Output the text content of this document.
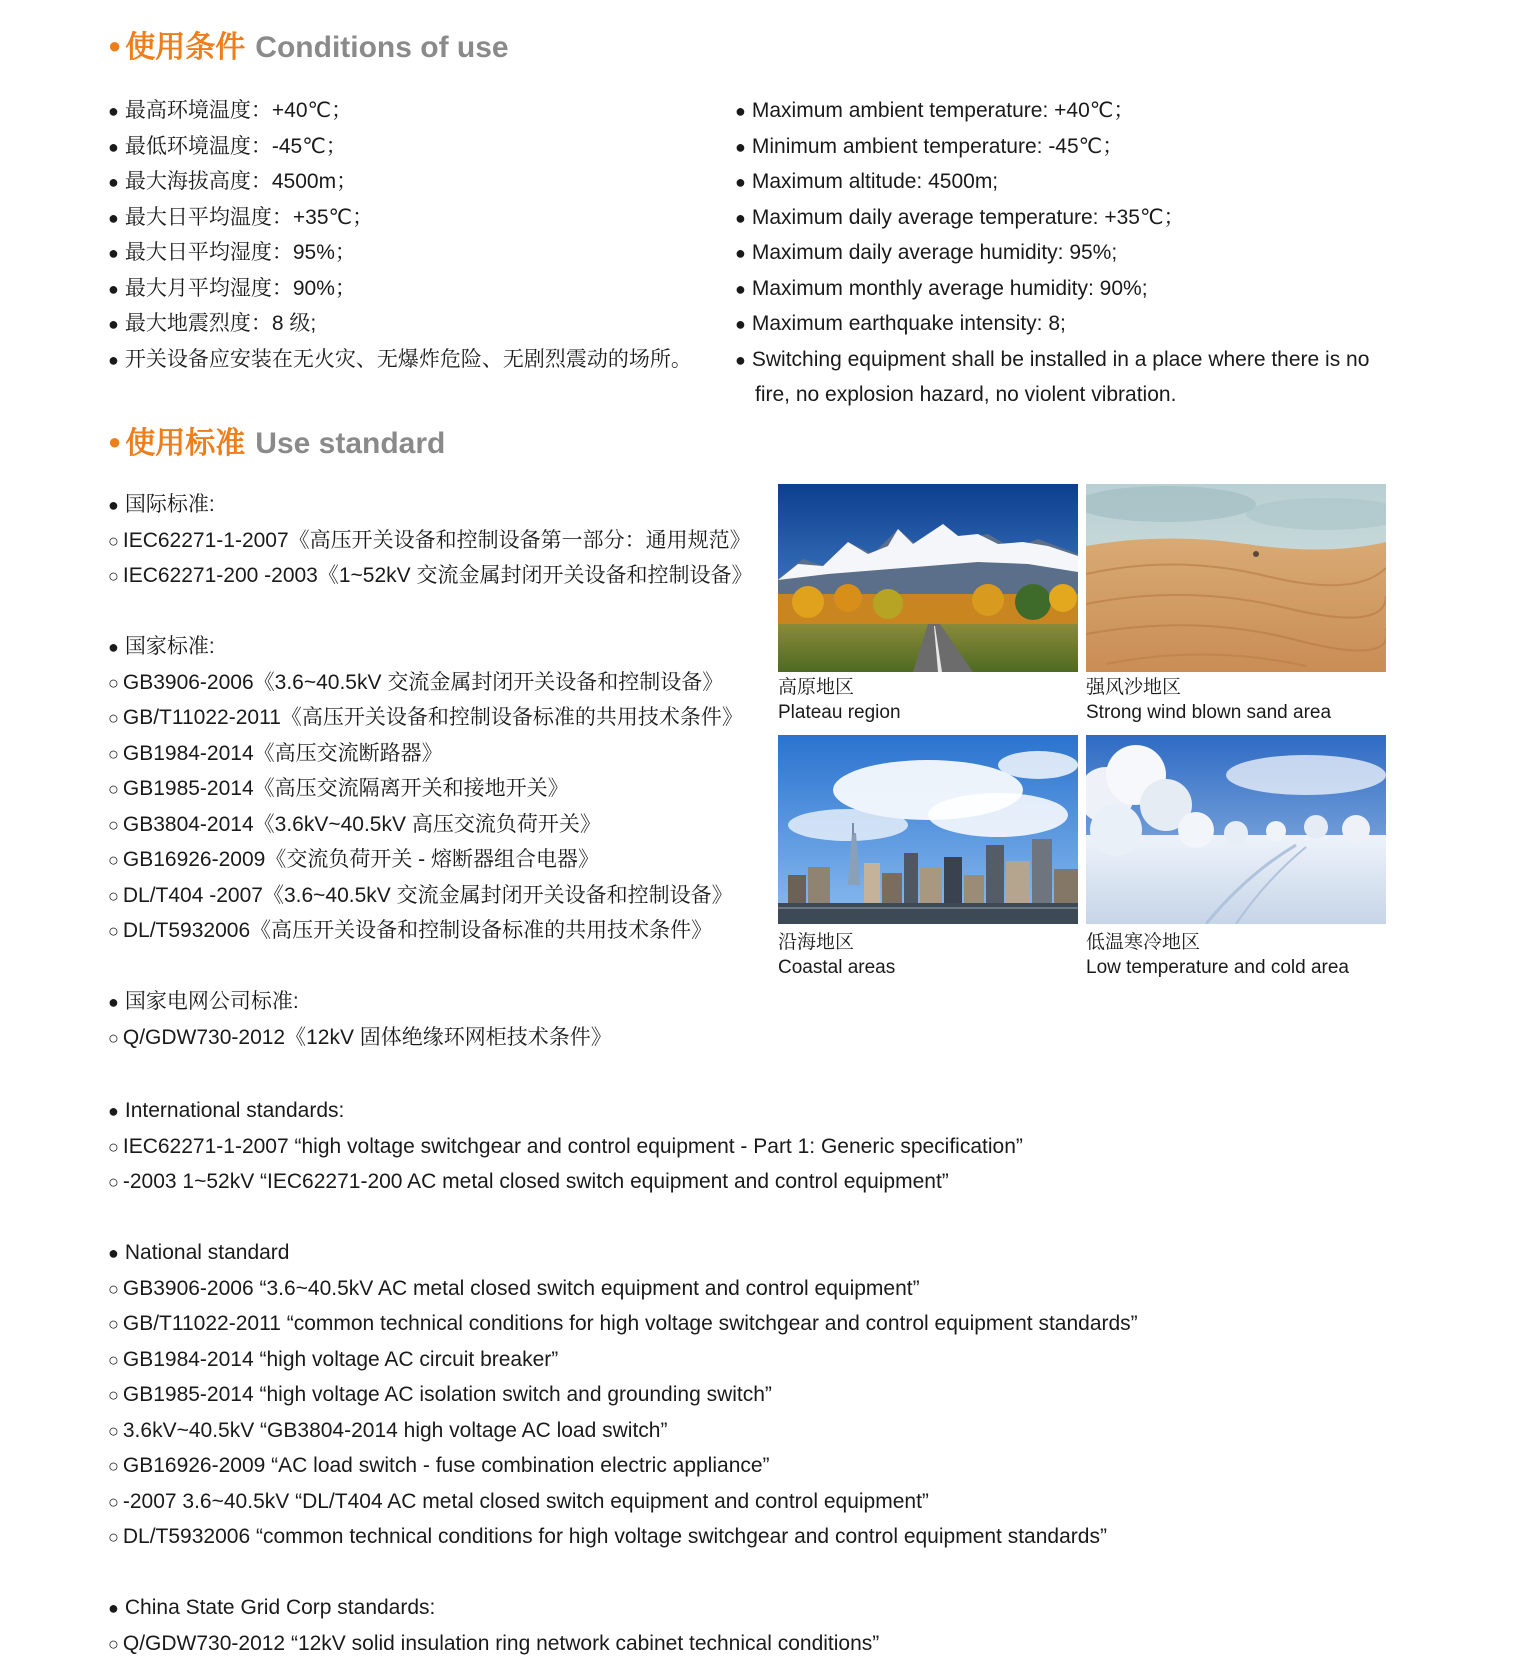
● 使用条件 Conditions of use
● 最高环境温度：+40℃；
● 最低环境温度：-45℃；
● 最大海拔高度：4500m；
● 最大日平均温度：+35℃；
● 最大日平均湿度：95%；
● 最大月平均湿度：90%；
● 最大地震烈度：8 级;
● 开关设备应安装在无火灾、无爆炸危险、无剧烈震动的场所。
● Maximum ambient temperature: +40℃；
● Minimum ambient temperature: -45℃；
● Maximum altitude: 4500m;
● Maximum daily average temperature: +35℃；
● Maximum daily average humidity: 95%;
● Maximum monthly average humidity: 90%;
● Maximum earthquake intensity: 8;
● Switching equipment shall be installed in a place where there is no
fire, no explosion hazard, no violent vibration.
● 使用标准 Use standard
● 国际标准:
○ IEC62271-1-2007《高压开关设备和控制设备第一部分：通用规范》
○ IEC62271-200 -2003《1~52kV 交流金属封闭开关设备和控制设备》
● 国家标准:
○ GB3906-2006《3.6~40.5kV 交流金属封闭开关设备和控制设备》
○ GB/T11022-2011《高压开关设备和控制设备标准的共用技术条件》
○ GB1984-2014《高压交流断路器》
○ GB1985-2014《高压交流隔离开关和接地开关》
○ GB3804-2014《3.6kV~40.5kV 高压交流负荷开关》
○ GB16926-2009《交流负荷开关 - 熔断器组合电器》
○ DL/T404 -2007《3.6~40.5kV 交流金属封闭开关设备和控制设备》
○ DL/T5932006《高压开关设备和控制设备标准的共用技术条件》
● 国家电网公司标准:
○ Q/GDW730-2012《12kV 固体绝缘环网柜技术条件》
● International standards:
○ IEC62271-1-2007 “high voltage switchgear and control equipment - Part 1: Generic specification”
○ -2003 1~52kV “IEC62271-200 AC metal closed switch equipment and control equipment”
● National standard
○ GB3906-2006 “3.6~40.5kV AC metal closed switch equipment and control equipment”
○ GB/T11022-2011 “common technical conditions for high voltage switchgear and control equipment standards”
○ GB1984-2014 “high voltage AC circuit breaker”
○ GB1985-2014 “high voltage AC isolation switch and grounding switch”
○ 3.6kV~40.5kV “GB3804-2014 high voltage AC load switch”
○ GB16926-2009 “AC load switch - fuse combination electric appliance”
○ -2007 3.6~40.5kV “DL/T404 AC metal closed switch equipment and control equipment”
○ DL/T5932006 “common technical conditions for high voltage switchgear and control equipment standards”
● China State Grid Corp standards:
○ Q/GDW730-2012 “12kV solid insulation ring network cabinet technical conditions”
高原地区
Plateau region
强风沙地区
Strong wind blown sand area
沿海地区
Coastal areas
低温寒冷地区
Low temperature and cold area
